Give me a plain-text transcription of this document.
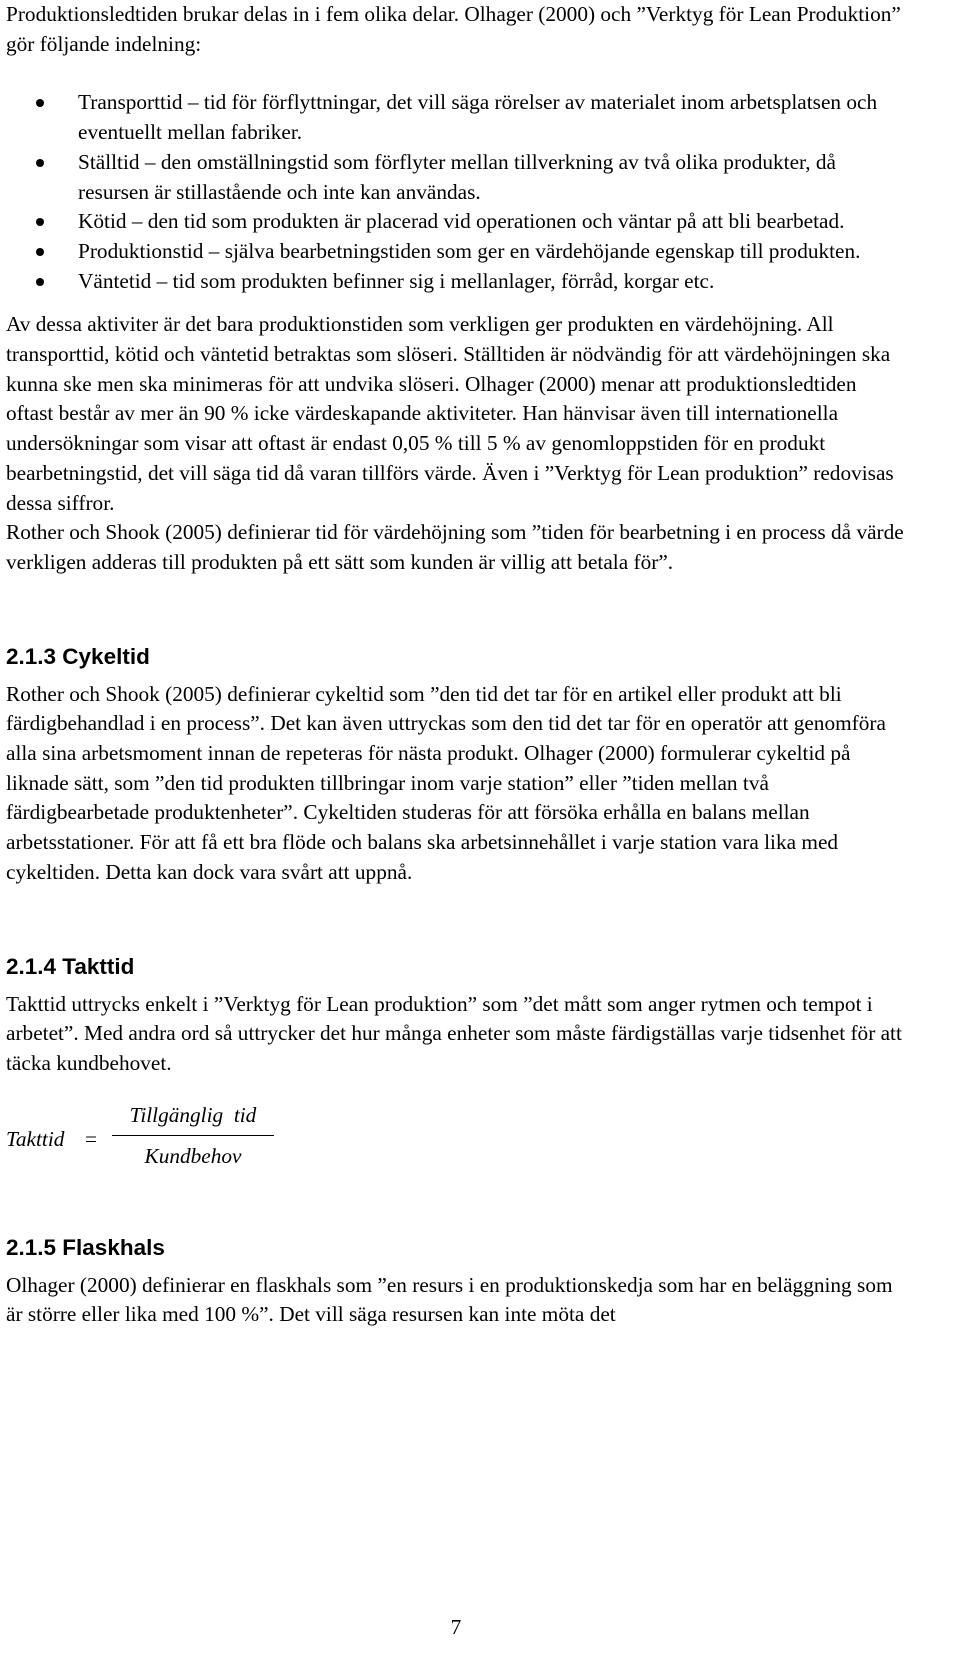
Produktionsledtiden brukar delas in i fem olika delar. Olhager (2000) och ”Verktyg för Lean Produktion” gör följande indelning:

Transporttid – tid för förflyttningar, det vill säga rörelser av materialet inom arbetsplatsen och eventuellt mellan fabriker.
Ställtid – den omställningstid som förflyter mellan tillverkning av två olika produkter, då resursen är stillastående och inte kan användas.
Kötid – den tid som produkten är placerad vid operationen och väntar på att bli bearbetad.
Produktionstid – själva bearbetningstiden som ger en värdehöjande egenskap till produkten.
Väntetid – tid som produkten befinner sig i mellanlager, förråd, korgar etc.

Av dessa aktiviter är det bara produktionstiden som verkligen ger produkten en värdehöjning. All transporttid, kötid och väntetid betraktas som slöseri. Ställtiden är nödvändig för att värdehöjningen ska kunna ske men ska minimeras för att undvika slöseri. Olhager (2000) menar att produktionsledtiden oftast består av mer än 90 % icke värdeskapande aktiviteter. Han hänvisar även till internationella undersökningar som visar att oftast är endast 0,05 % till 5 % av genomloppstiden för en produkt bearbetningstid, det vill säga tid då varan tillförs värde. Även i ”Verktyg för Lean produktion” redovisas dessa siffror.

Rother och Shook (2005) definierar tid för värdehöjning som ”tiden för bearbetning i en process då värde verkligen adderas till produkten på ett sätt som kunden är villig att betala för”.

2.1.3 Cykeltid

Rother och Shook (2005) definierar cykeltid som ”den tid det tar för en artikel eller produkt att bli färdigbehandlad i en process”. Det kan även uttryckas som den tid det tar för en operatör att genomföra alla sina arbetsmoment innan de repeteras för nästa produkt. Olhager (2000) formulerar cykeltid på liknade sätt, som ”den tid produkten tillbringar inom varje station” eller ”tiden mellan två färdigbearbetade produktenheter”. Cykeltiden studeras för att försöka erhålla en balans mellan arbetsstationer. För att få ett bra flöde och balans ska arbetsinnehållet i varje station vara lika med cykeltiden. Detta kan dock vara svårt att uppnå.

2.1.4 Takttid

Takttid uttrycks enkelt i ”Verktyg för Lean produktion” som ”det mått som anger rytmen och tempot i arbetet”. Med andra ord så uttrycker det hur många enheter som måste färdigställas varje tidsenhet för att täcka kundbehovet.

Takttid =
Tillgänglig  tid
Kundbehov
2.1.5 Flaskhals

Olhager (2000) definierar en flaskhals som ”en resurs i en produktionskedja som har en beläggning som är större eller lika med 100 %”. Det vill säga resursen kan inte möta det

7
